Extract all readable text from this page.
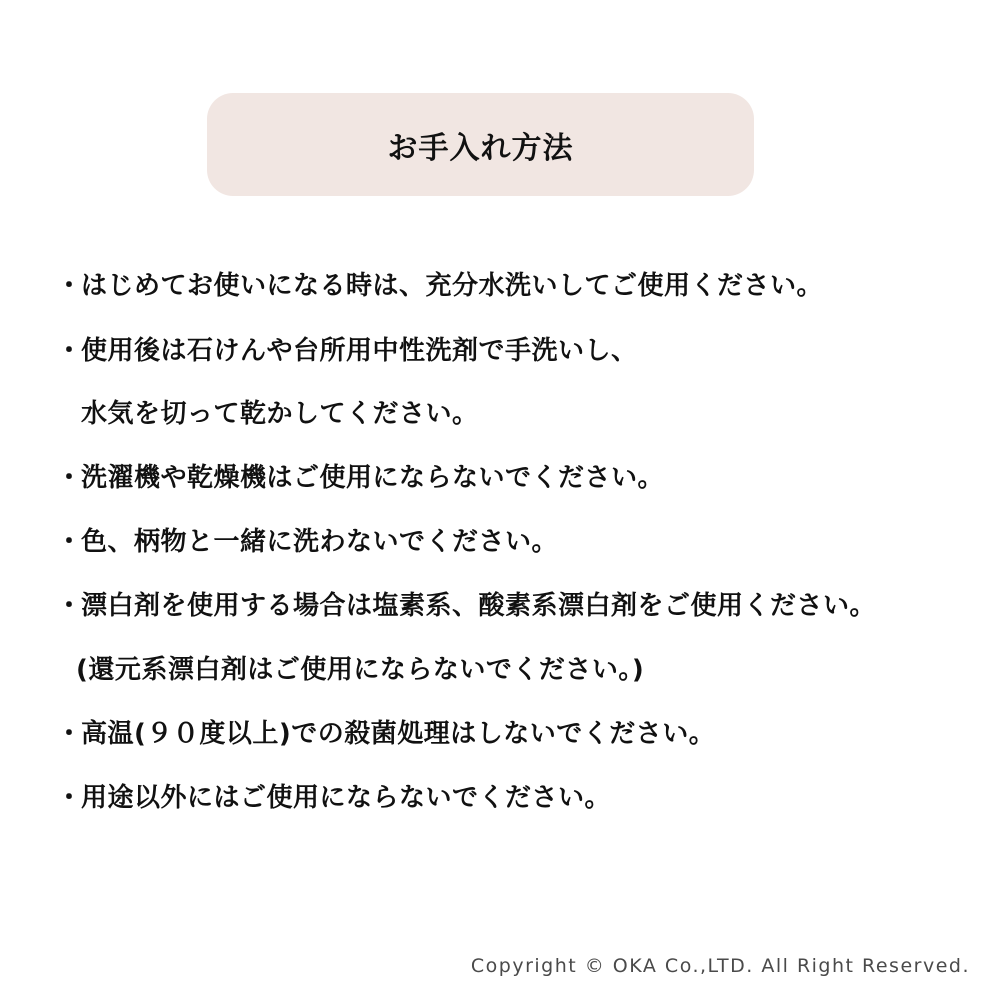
お手入れ方法
・はじめてお使いになる時は、充分水洗いしてご使用ください。
・使用後は石けんや台所用中性洗剤で手洗いし、
水気を切って乾かしてください。
・洗濯機や乾燥機はご使用にならないでください。
・色、柄物と一緒に洗わないでください。
・漂白剤を使用する場合は塩素系、酸素系漂白剤をご使用ください。
(還元系漂白剤はご使用にならないでください。)
・高温(９０度以上)での殺菌処理はしないでください。
・用途以外にはご使用にならないでください。
Copyright © OKA Co.,LTD. All Right Reserved.
